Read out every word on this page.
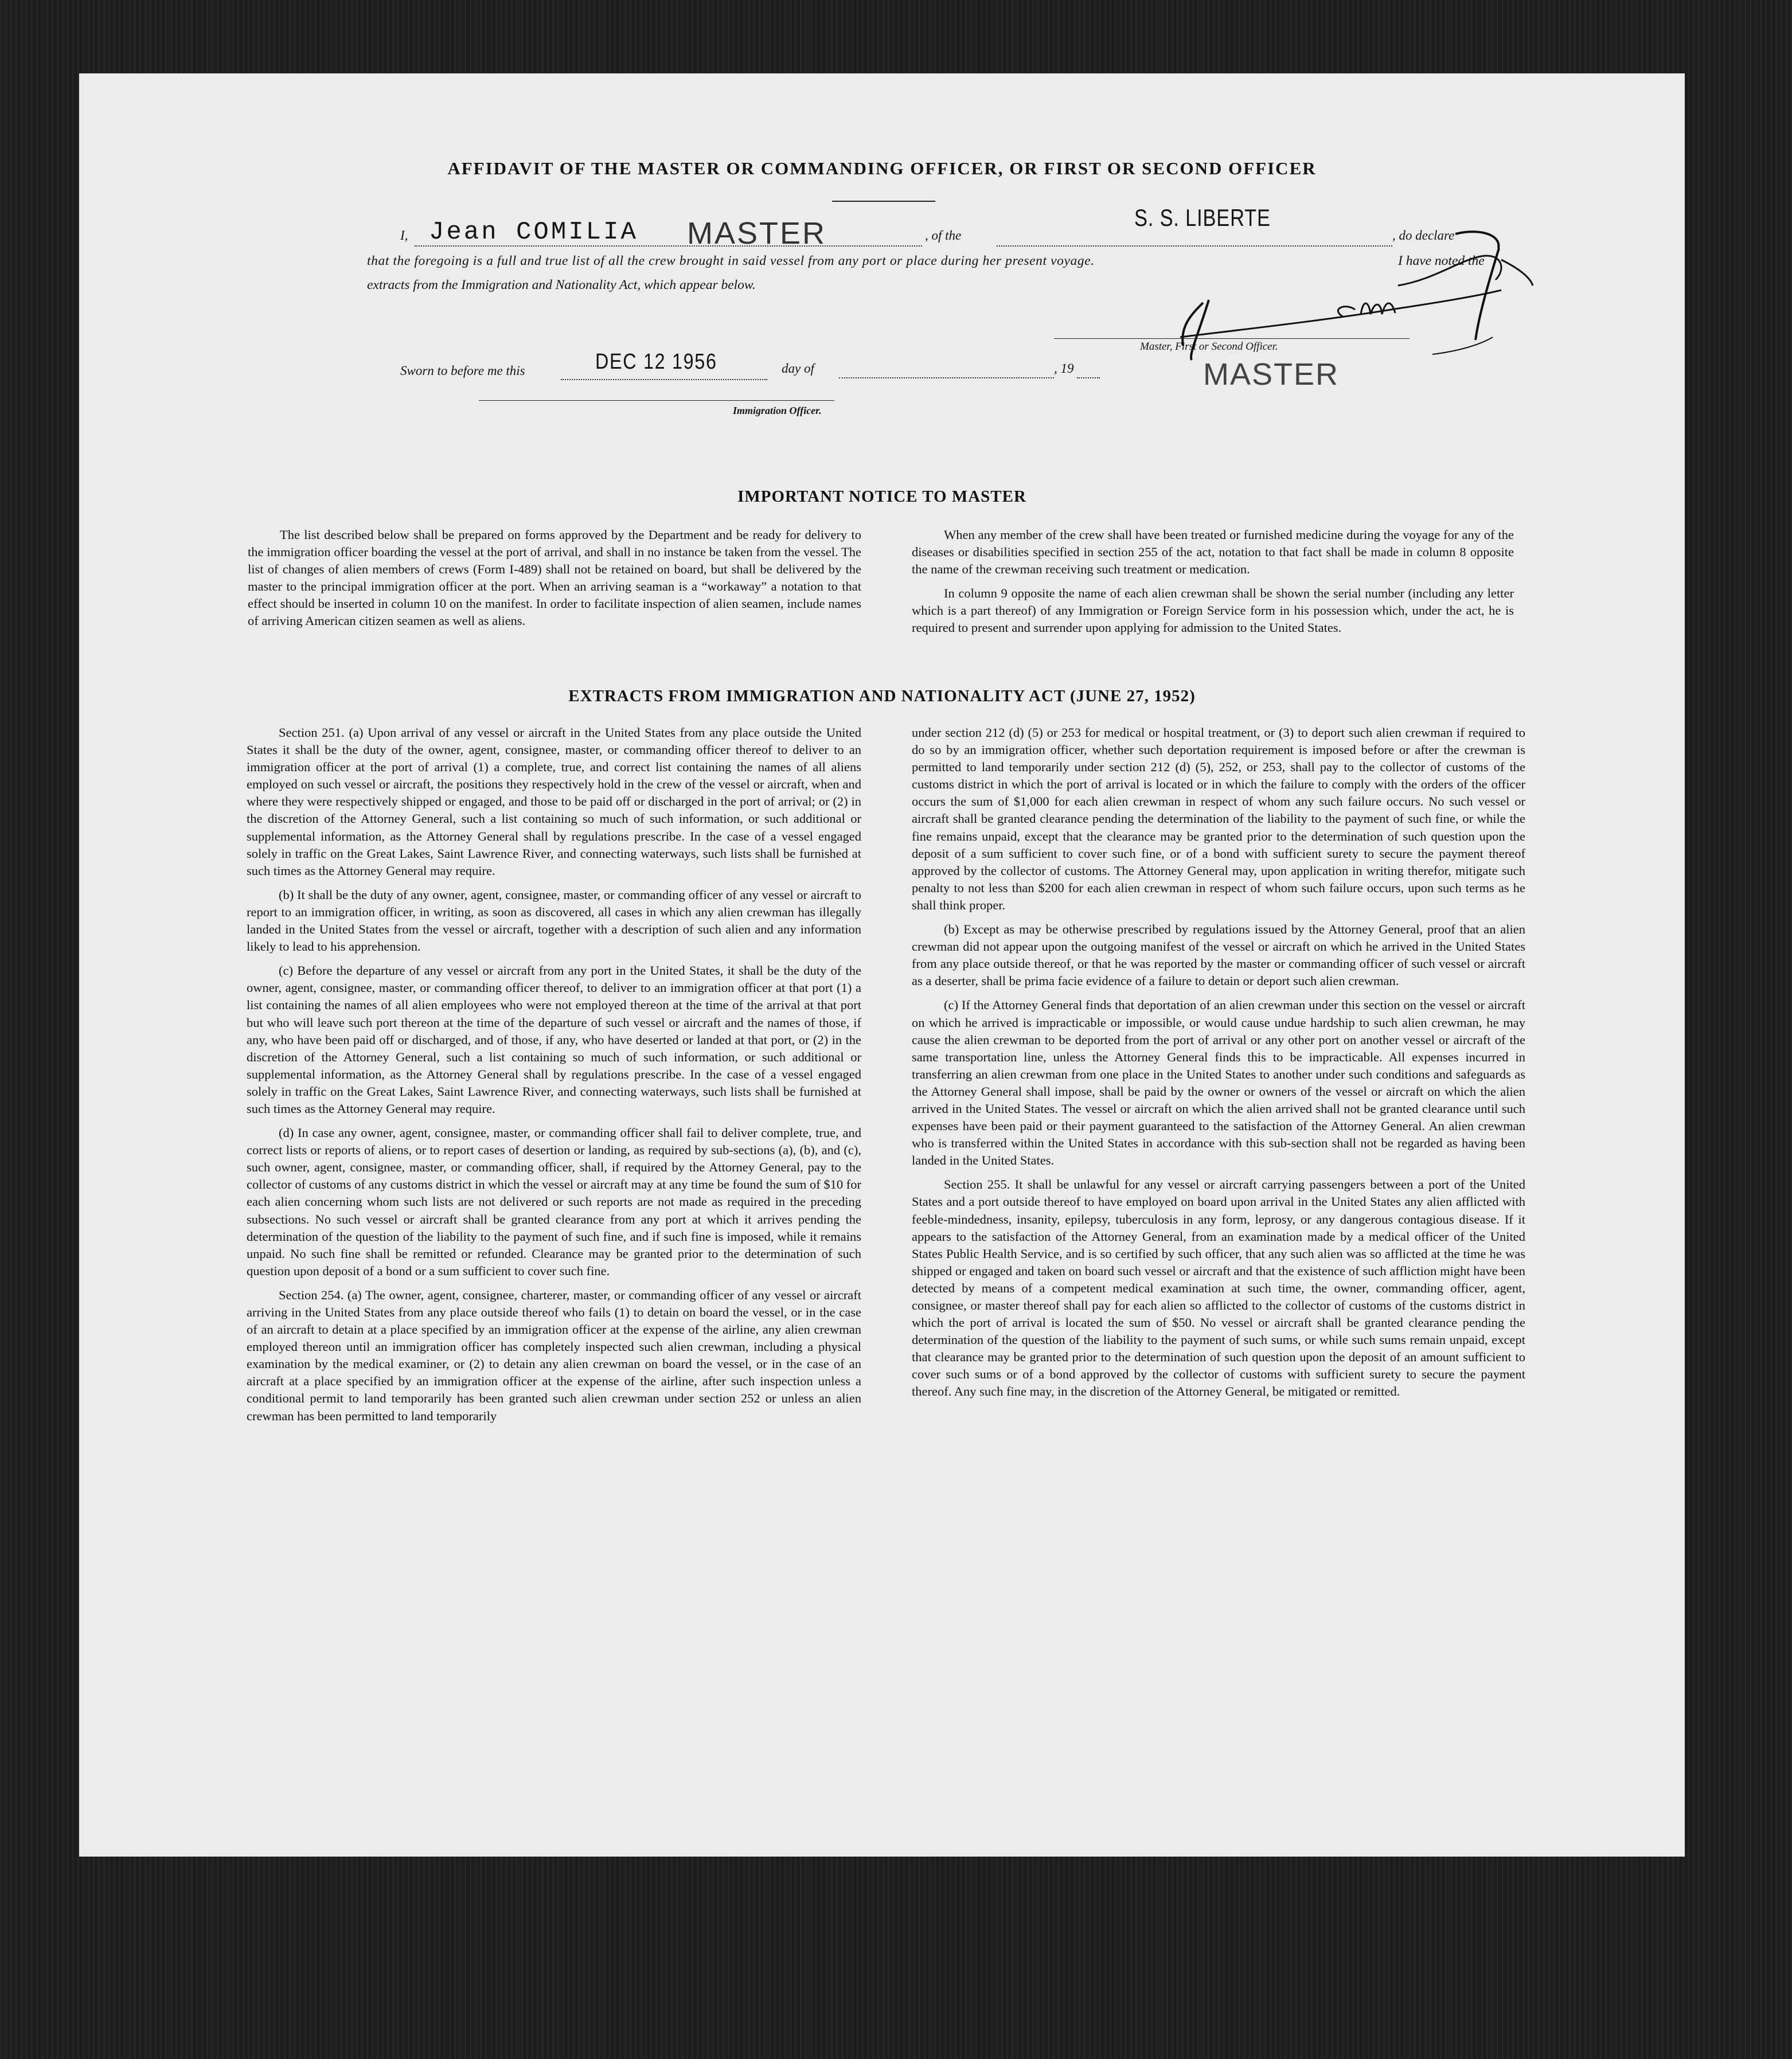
AFFIDAVIT OF THE MASTER OR COMMANDING OFFICER, OR FIRST OR SECOND OFFICER
I, Jean COMILIA MASTER	, of the
S. S. LIBERTE
, do declare
that the foregoing is a full and true list of all the crew brought in said vessel from any port or place during her present voyage.	I have noted the
extracts from the Immigration and Nationality Act, which appear below.
Sworn to before me this	DEC 12 1956	day of	, 19
Master, First or Second Officer.
MASTER
Immigration Officer.
IMPORTANT NOTICE TO MASTER

The list described below shall be prepared on forms approved by the Department and be ready for delivery to the immigration officer boarding the vessel at the port of arrival, and shall in no instance be taken from the vessel. The list of changes of alien members of crews (Form I-489) shall not be retained on board, but shall be delivered by the master to the principal immigration officer at the port. When an arriving seaman is a “workaway” a notation to that effect should be inserted in column 10 on the manifest. In order to facilitate inspection of alien seamen, include names of arriving American citizen seamen as well as aliens.

When any member of the crew shall have been treated or furnished medicine during the voyage for any of the diseases or disabilities specified in section 255 of the act, notation to that fact shall be made in column 8 opposite the name of the crewman receiving such treatment or medication.

In column 9 opposite the name of each alien crewman shall be shown the serial number (including any letter which is a part thereof) of any Immigration or Foreign Service form in his possession which, under the act, he is required to present and surrender upon applying for admission to the United States.

EXTRACTS FROM IMMIGRATION AND NATIONALITY ACT (JUNE 27, 1952)

Section 251. (a) Upon arrival of any vessel or aircraft in the United States from any place outside the United States it shall be the duty of the owner, agent, consignee, master, or commanding officer thereof to deliver to an immigration officer at the port of arrival (1) a complete, true, and correct list containing the names of all aliens employed on such vessel or aircraft, the positions they respectively hold in the crew of the vessel or aircraft, when and where they were respectively shipped or engaged, and those to be paid off or discharged in the port of arrival; or (2) in the discretion of the Attorney General, such a list containing so much of such information, or such additional or supplemental information, as the Attorney General shall by regulations prescribe. In the case of a vessel engaged solely in traffic on the Great Lakes, Saint Lawrence River, and connecting waterways, such lists shall be furnished at such times as the Attorney General may require.

(b) It shall be the duty of any owner, agent, consignee, master, or commanding officer of any vessel or aircraft to report to an immigration officer, in writing, as soon as discovered, all cases in which any alien crewman has illegally landed in the United States from the vessel or aircraft, together with a description of such alien and any information likely to lead to his apprehension.

(c) Before the departure of any vessel or aircraft from any port in the United States, it shall be the duty of the owner, agent, consignee, master, or commanding officer thereof, to deliver to an immigration officer at that port (1) a list containing the names of all alien employees who were not employed thereon at the time of the arrival at that port but who will leave such port thereon at the time of the departure of such vessel or aircraft and the names of those, if any, who have been paid off or discharged, and of those, if any, who have deserted or landed at that port, or (2) in the discretion of the Attorney General, such a list containing so much of such information, or such additional or supplemental information, as the Attorney General shall by regulations prescribe. In the case of a vessel engaged solely in traffic on the Great Lakes, Saint Lawrence River, and connecting waterways, such lists shall be furnished at such times as the Attorney General may require.

(d) In case any owner, agent, consignee, master, or commanding officer shall fail to deliver complete, true, and correct lists or reports of aliens, or to report cases of desertion or landing, as required by sub-sections (a), (b), and (c), such owner, agent, consignee, master, or commanding officer, shall, if required by the Attorney General, pay to the collector of customs of any customs district in which the vessel or aircraft may at any time be found the sum of $10 for each alien concerning whom such lists are not delivered or such reports are not made as required in the preceding subsections. No such vessel or aircraft shall be granted clearance from any port at which it arrives pending the determination of the question of the liability to the payment of such fine, and if such fine is imposed, while it remains unpaid. No such fine shall be remitted or refunded. Clearance may be granted prior to the determination of such question upon deposit of a bond or a sum sufficient to cover such fine.

Section 254. (a) The owner, agent, consignee, charterer, master, or commanding officer of any vessel or aircraft arriving in the United States from any place outside thereof who fails (1) to detain on board the vessel, or in the case of an aircraft to detain at a place specified by an immigration officer at the expense of the airline, any alien crewman employed thereon until an immigration officer has completely inspected such alien crewman, including a physical examination by the medical examiner, or (2) to detain any alien crewman on board the vessel, or in the case of an aircraft at a place specified by an immigration officer at the expense of the airline, after such inspection unless a conditional permit to land temporarily has been granted such alien crewman under section 252 or unless an alien crewman has been permitted to land temporarily

under section 212 (d) (5) or 253 for medical or hospital treatment, or (3) to deport such alien crewman if required to do so by an immigration officer, whether such deportation requirement is imposed before or after the crewman is permitted to land temporarily under section 212 (d) (5), 252, or 253, shall pay to the collector of customs of the customs district in which the port of arrival is located or in which the failure to comply with the orders of the officer occurs the sum of $1,000 for each alien crewman in respect of whom any such failure occurs. No such vessel or aircraft shall be granted clearance pending the determination of the liability to the payment of such fine, or while the fine remains unpaid, except that the clearance may be granted prior to the determination of such question upon the deposit of a sum sufficient to cover such fine, or of a bond with sufficient surety to secure the payment thereof approved by the collector of customs. The Attorney General may, upon application in writing therefor, mitigate such penalty to not less than $200 for each alien crewman in respect of whom such failure occurs, upon such terms as he shall think proper.

(b) Except as may be otherwise prescribed by regulations issued by the Attorney General, proof that an alien crewman did not appear upon the outgoing manifest of the vessel or aircraft on which he arrived in the United States from any place outside thereof, or that he was reported by the master or commanding officer of such vessel or aircraft as a deserter, shall be prima facie evidence of a failure to detain or deport such alien crewman.

(c) If the Attorney General finds that deportation of an alien crewman under this section on the vessel or aircraft on which he arrived is impracticable or impossible, or would cause undue hardship to such alien crewman, he may cause the alien crewman to be deported from the port of arrival or any other port on another vessel or aircraft of the same transportation line, unless the Attorney General finds this to be impracticable. All expenses incurred in transferring an alien crewman from one place in the United States to another under such conditions and safeguards as the Attorney General shall impose, shall be paid by the owner or owners of the vessel or aircraft on which the alien arrived in the United States. The vessel or aircraft on which the alien arrived shall not be granted clearance until such expenses have been paid or their payment guaranteed to the satisfaction of the Attorney General. An alien crewman who is transferred within the United States in accordance with this sub-section shall not be regarded as having been landed in the United States.

Section 255. It shall be unlawful for any vessel or aircraft carrying passengers between a port of the United States and a port outside thereof to have employed on board upon arrival in the United States any alien afflicted with feeble-mindedness, insanity, epilepsy, tuberculosis in any form, leprosy, or any dangerous contagious disease. If it appears to the satisfaction of the Attorney General, from an examination made by a medical officer of the United States Public Health Service, and is so certified by such officer, that any such alien was so afflicted at the time he was shipped or engaged and taken on board such vessel or aircraft and that the existence of such affliction might have been detected by means of a competent medical examination at such time, the owner, commanding officer, agent, consignee, or master thereof shall pay for each alien so afflicted to the collector of customs of the customs district in which the port of arrival is located the sum of $50. No vessel or aircraft shall be granted clearance pending the determination of the question of the liability to the payment of such sums, or while such sums remain unpaid, except that clearance may be granted prior to the determination of such question upon the deposit of an amount sufficient to cover such sums or of a bond approved by the collector of customs with sufficient surety to secure the payment thereof. Any such fine may, in the discretion of the Attorney General, be mitigated or remitted.
